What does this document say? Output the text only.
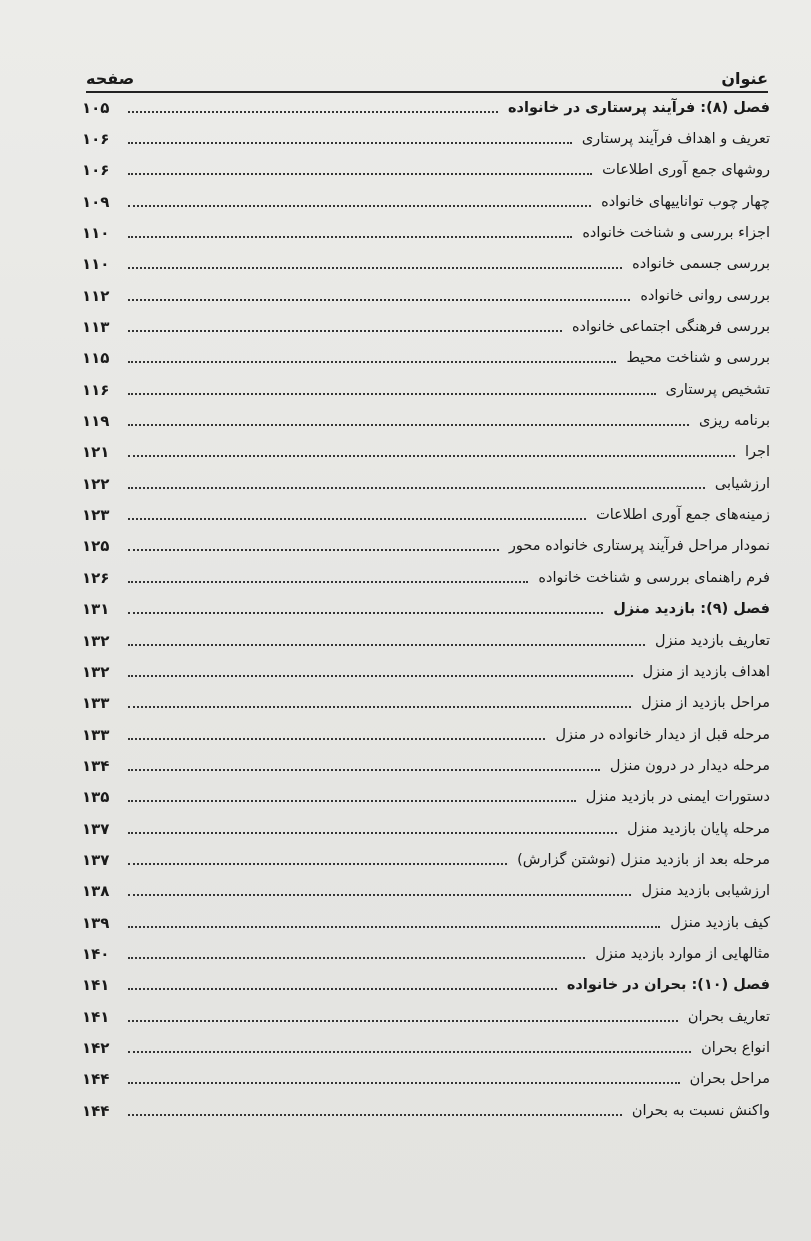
عنوان
صفحه
فصل (۸): فرآیند پرستاری در خانواده
۱۰۵
تعریف و اهداف فرآیند پرستاری
۱۰۶
روشهای جمع آوری اطلاعات
۱۰۶
چهار چوب تواناییهای خانواده
۱۰۹
اجزاء بررسی و شناخت خانواده
۱۱۰
بررسی جسمی خانواده
۱۱۰
بررسی روانی خانواده
۱۱۲
بررسی فرهنگی اجتماعی خانواده
۱۱۳
بررسی و شناخت محیط
۱۱۵
تشخیص پرستاری
۱۱۶
برنامه ریزی
۱۱۹
اجرا
۱۲۱
ارزشیابی
۱۲۲
زمینه‌های جمع آوری اطلاعات
۱۲۳
نمودار مراحل فرآیند پرستاری خانواده محور
۱۲۵
فرم راهنمای بررسی و شناخت خانواده
۱۲۶
فصل (۹): بازدید منزل
۱۳۱
تعاریف بازدید منزل
۱۳۲
اهداف بازدید از منزل
۱۳۲
مراحل بازدید از منزل
۱۳۳
مرحله قبل از دیدار خانواده در منزل
۱۳۳
مرحله دیدار در درون منزل
۱۳۴
دستورات ایمنی در بازدید منزل
۱۳۵
مرحله پایان بازدید منزل
۱۳۷
مرحله بعد از بازدید منزل (نوشتن گزارش)
۱۳۷
ارزشیابی بازدید منزل
۱۳۸
کیف بازدید منزل
۱۳۹
مثالهایی از موارد بازدید منزل
۱۴۰
فصل (۱۰): بحران در خانواده
۱۴۱
تعاریف بحران
۱۴۱
انواع بحران
۱۴۲
مراحل بحران
۱۴۴
واکنش نسبت به بحران
۱۴۴
